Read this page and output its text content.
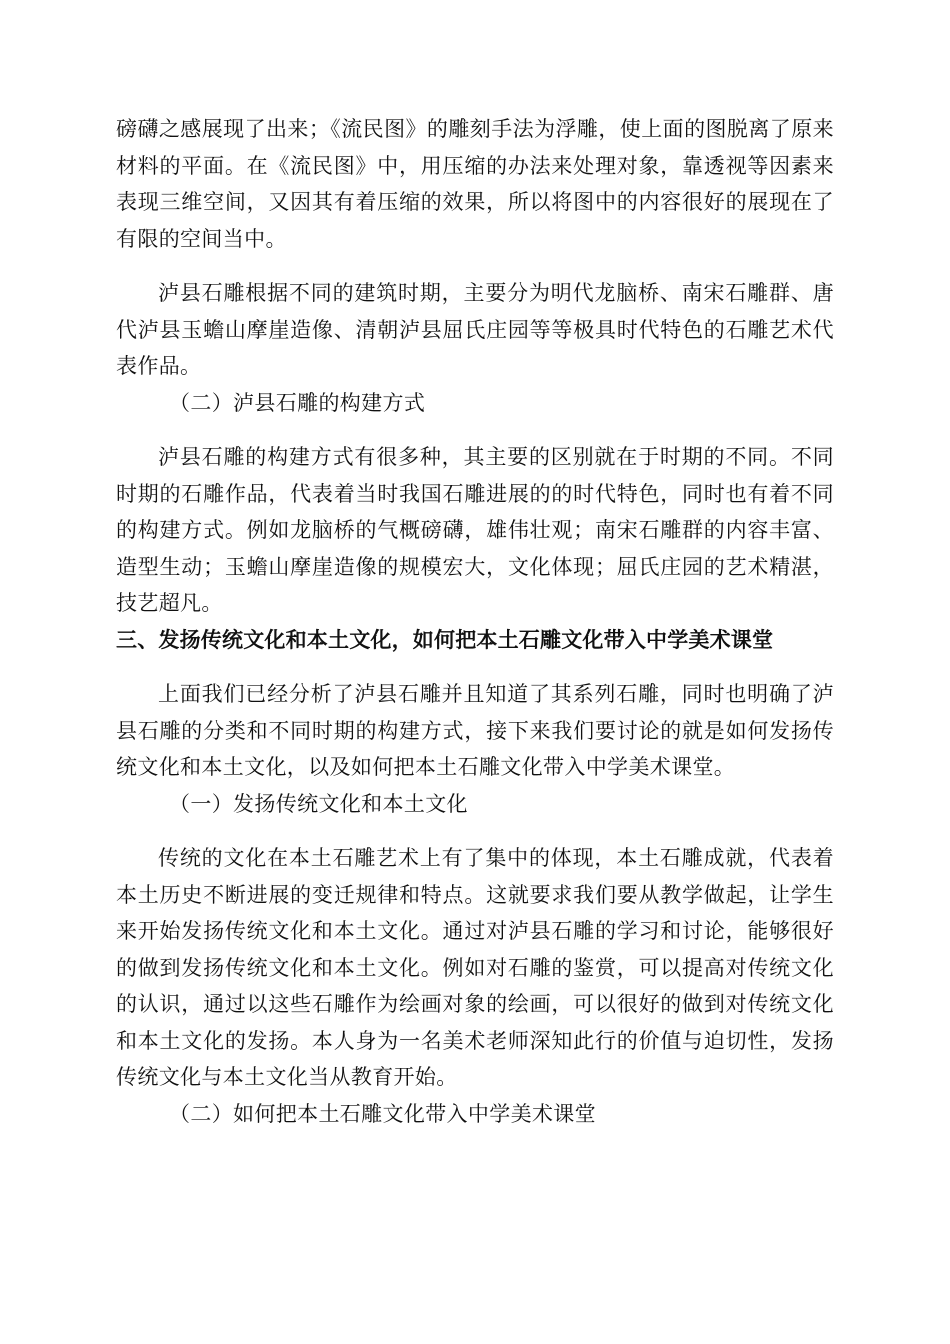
磅礴之感展现了出来；《流民图》的雕刻手法为浮雕，使上面的图脱离了原来材料的平面。在《流民图》中，用压缩的办法来处理对象，靠透视等因素来表现三维空间，又因其有着压缩的效果，所以将图中的内容很好的展现在了有限的空间当中。

泸县石雕根据不同的建筑时期，主要分为明代龙脑桥、南宋石雕群、唐代泸县玉蟾山摩崖造像、清朝泸县屈氏庄园等等极具时代特色的石雕艺术代表作品。

（二）泸县石雕的构建方式

泸县石雕的构建方式有很多种，其主要的区别就在于时期的不同。不同时期的石雕作品，代表着当时我国石雕进展的的时代特色，同时也有着不同的构建方式。例如龙脑桥的气概磅礴，雄伟壮观；南宋石雕群的内容丰富、造型生动；玉蟾山摩崖造像的规模宏大，文化体现；屈氏庄园的艺术精湛，技艺超凡。

三、发扬传统文化和本土文化，如何把本土石雕文化带入中学美术课堂

上面我们已经分析了泸县石雕并且知道了其系列石雕，同时也明确了泸县石雕的分类和不同时期的构建方式，接下来我们要讨论的就是如何发扬传统文化和本土文化，以及如何把本土石雕文化带入中学美术课堂。

（一）发扬传统文化和本土文化

传统的文化在本土石雕艺术上有了集中的体现，本土石雕成就，代表着本土历史不断进展的变迁规律和特点。这就要求我们要从教学做起，让学生来开始发扬传统文化和本土文化。通过对泸县石雕的学习和讨论，能够很好的做到发扬传统文化和本土文化。例如对石雕的鉴赏，可以提高对传统文化的认识，通过以这些石雕作为绘画对象的绘画，可以很好的做到对传统文化和本土文化的发扬。本人身为一名美术老师深知此行的价值与迫切性，发扬传统文化与本土文化当从教育开始。

（二）如何把本土石雕文化带入中学美术课堂
